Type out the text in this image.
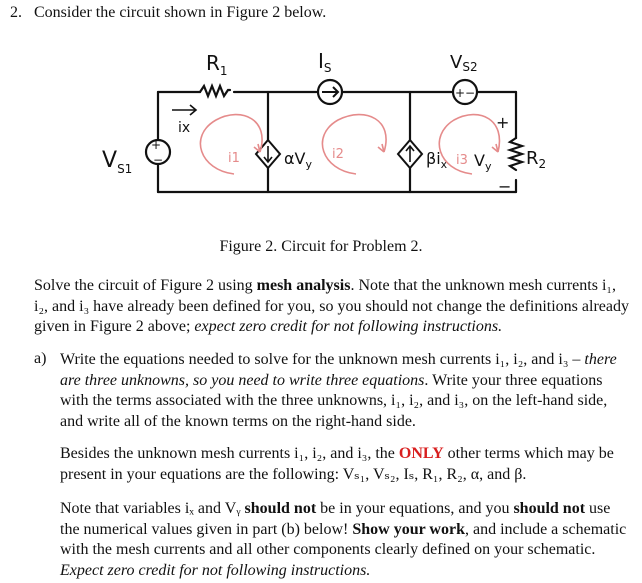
2. Consider the circuit shown in Figure 2 below.
+
−
$V_{S1}$
$I_S$
+−
VS2
$R_1$
ix
$\alpha V_y$	$\beta i_x$
+
−
$V_y$ $R_2$
i1	i2	i3
Figure 2. Circuit for Problem 2.
Solve the circuit of Figure 2 using mesh analysis. Note that the unknown mesh currents i₁, i₂, and i₃ have already been defined for you, so you should not change the definitions already given in Figure 2 above; expect zero credit for not following instructions.
a) Write the equations needed to solve for the unknown mesh currents i₁, i₂, and i₃ – there are three unknowns, so you need to write three equations. Write your three equations with the terms associated with the three unknowns, i₁, i₂, and i₃, on the left-hand side, and write all of the known terms on the right-hand side.
Besides the unknown mesh currents i₁, i₂, and i₃, the ONLY other terms which may be present in your equations are the following: Vₛ₁, Vₛ₂, Iₛ, R₁, R₂, α, and β.
Note that variables iₓ and Vᵧ should not be in your equations, and you should not use the numerical values given in part (b) below! Show your work, and include a schematic with the mesh currents and all other components clearly defined on your schematic. Expect zero credit for not following instructions.
